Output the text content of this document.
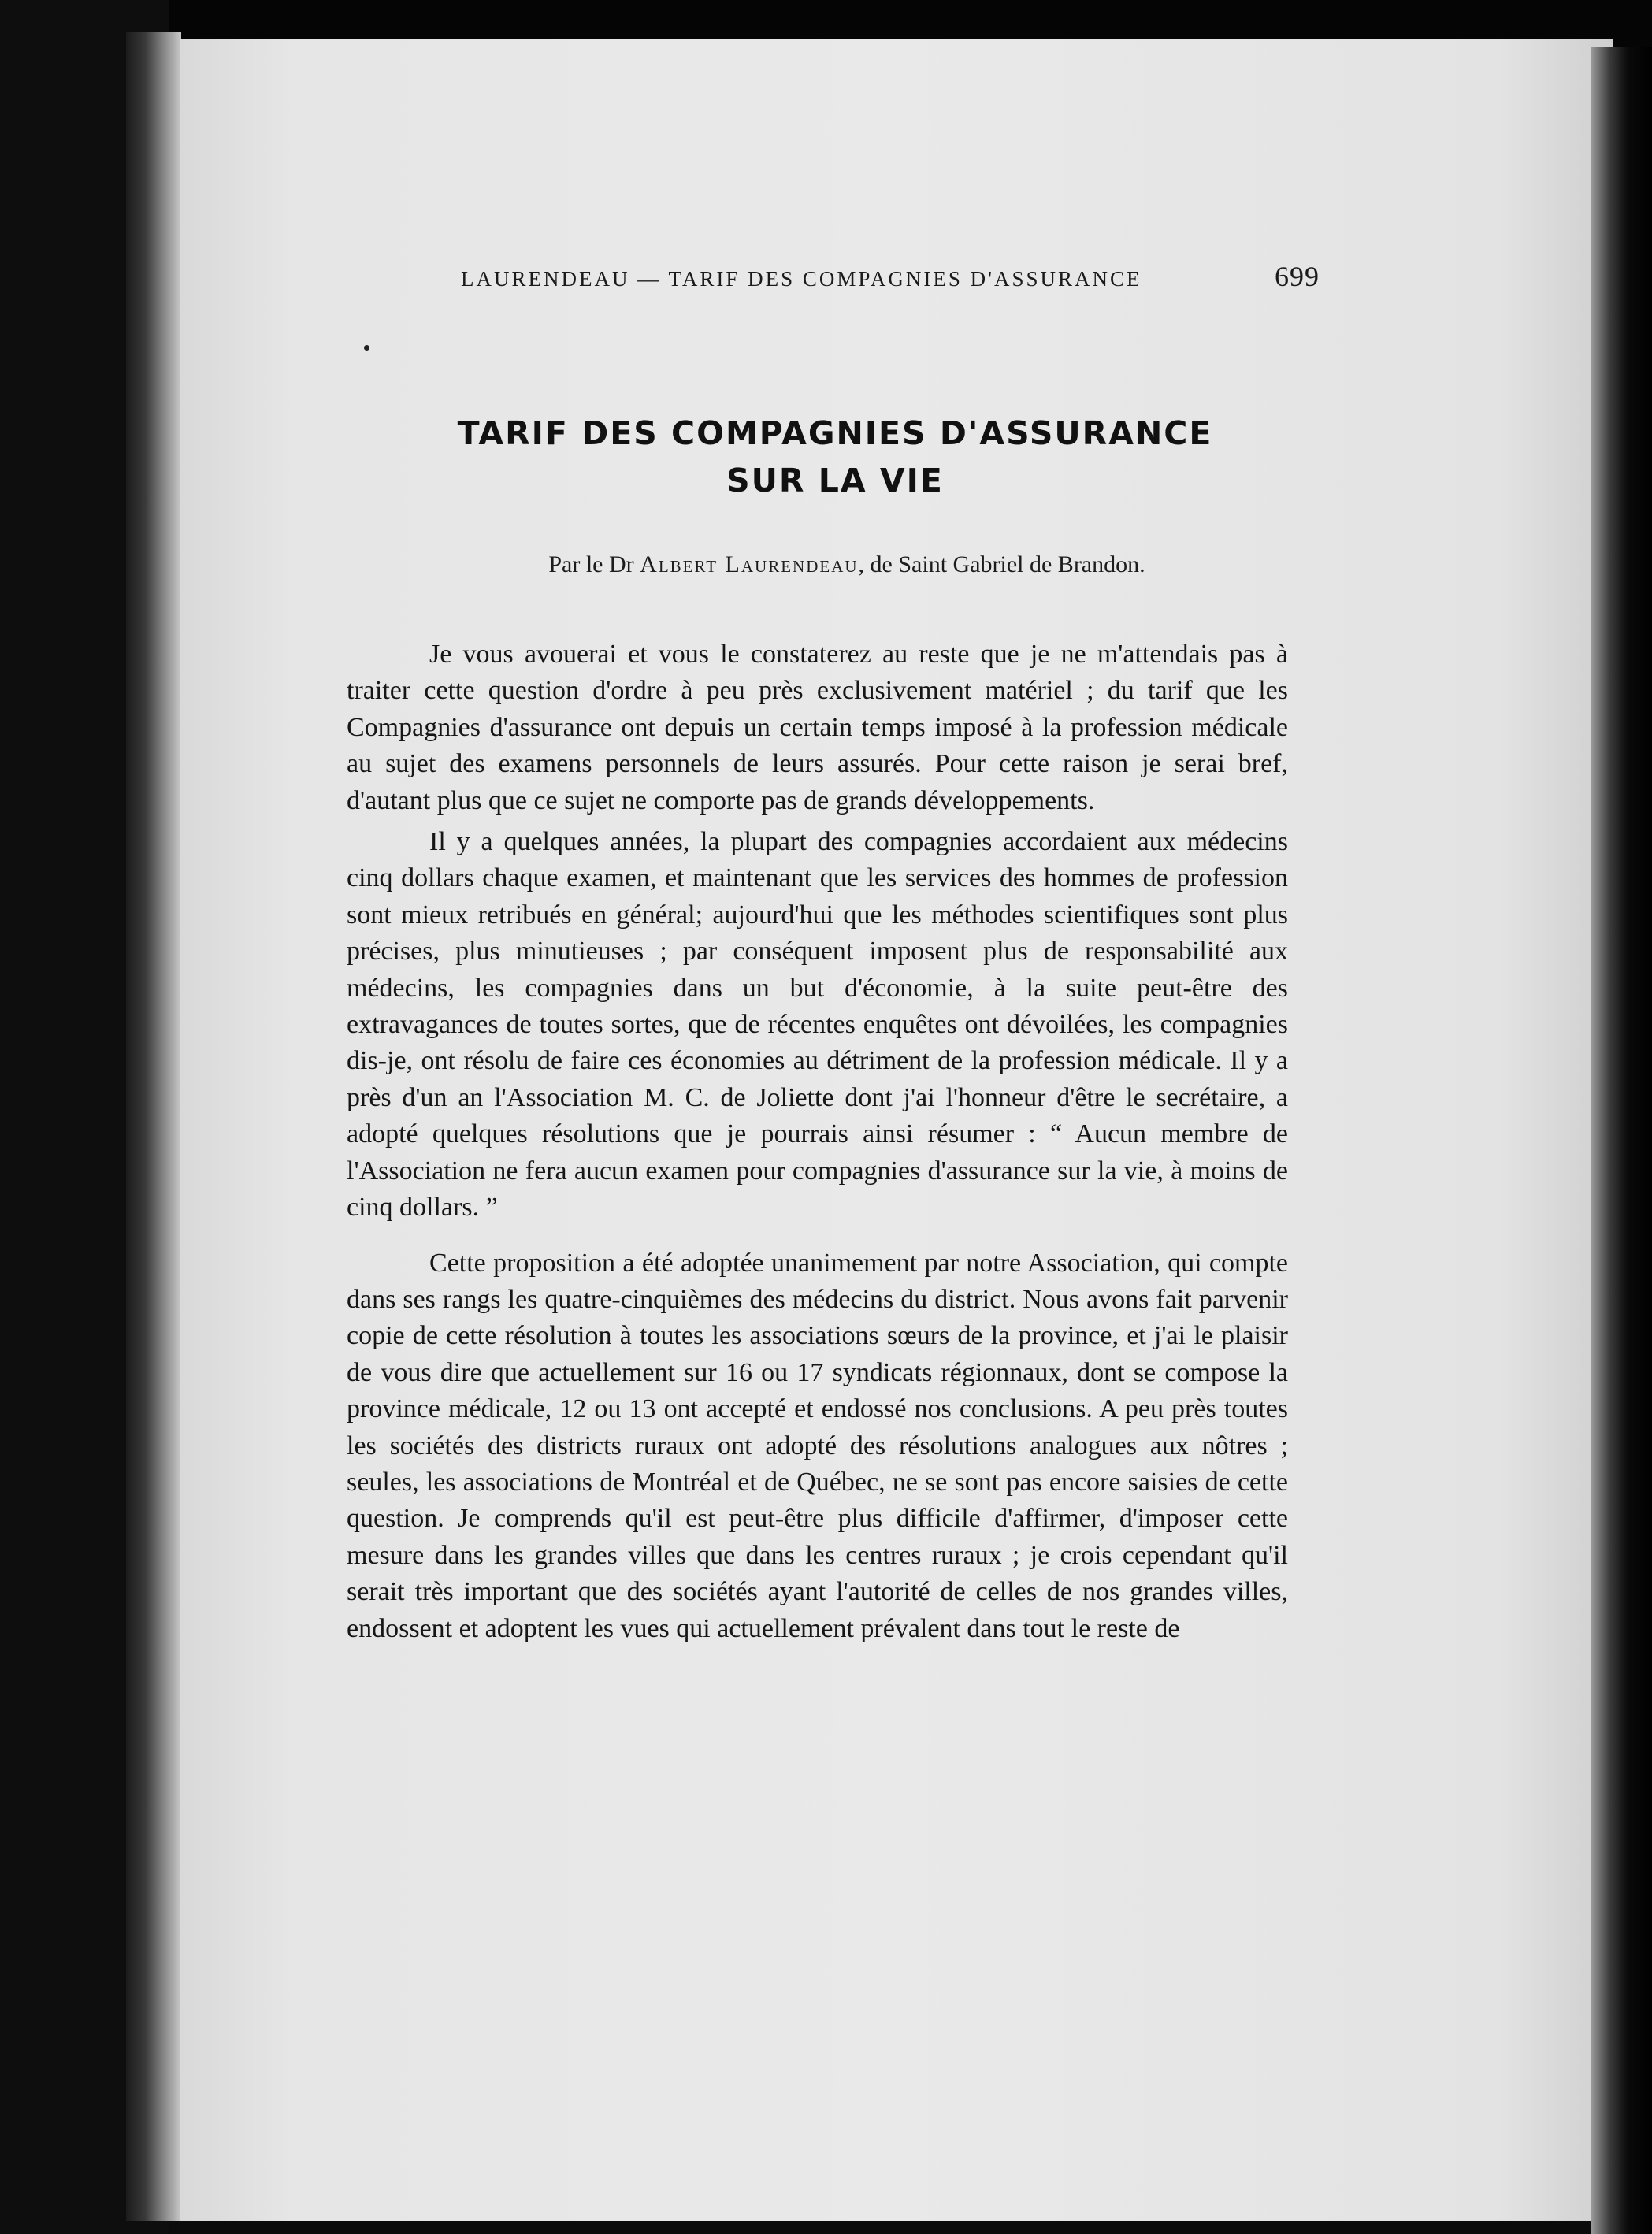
LAURENDEAU — TARIF DES COMPAGNIES D'ASSURANCE	699
TARIF DES COMPAGNIES D'ASSURANCE
SUR LA VIE
Par le Dr Albert Laurendeau, de Saint Gabriel de Brandon.

Je vous avouerai et vous le constaterez au reste que je ne m'attendais pas à traiter cette question d'ordre à peu près exclusivement matériel ; du tarif que les Compagnies d'assurance ont depuis un certain temps imposé à la profession médicale au sujet des examens personnels de leurs assurés. Pour cette raison je serai bref, d'autant plus que ce sujet ne comporte pas de grands développements.

Il y a quelques années, la plupart des compagnies accordaient aux médecins cinq dollars chaque examen, et maintenant que les services des hommes de profession sont mieux retribués en général; aujourd'hui que les méthodes scientifiques sont plus précises, plus minutieuses ; par conséquent imposent plus de responsabilité aux médecins, les compagnies dans un but d'économie, à la suite peut-être des extravagances de toutes sortes, que de récentes enquêtes ont dévoilées, les compagnies dis-je, ont résolu de faire ces économies au détriment de la profession médicale. Il y a près d'un an l'Association M. C. de Joliette dont j'ai l'honneur d'être le secrétaire, a adopté quelques résolutions que je pourrais ainsi résumer : “ Aucun membre de l'Association ne fera aucun examen pour compagnies d'assurance sur la vie, à moins de cinq dollars. ”

Cette proposition a été adoptée unanimement par notre Association, qui compte dans ses rangs les quatre-cinquièmes des médecins du district. Nous avons fait parvenir copie de cette résolution à toutes les associations sœurs de la province, et j'ai le plaisir de vous dire que actuellement sur 16 ou 17 syndicats régionnaux, dont se compose la province médicale, 12 ou 13 ont accepté et endossé nos conclusions. A peu près toutes les sociétés des districts ruraux ont adopté des résolutions analogues aux nôtres ; seules, les associations de Montréal et de Québec, ne se sont pas encore saisies de cette question. Je comprends qu'il est peut-être plus difficile d'affirmer, d'imposer cette mesure dans les grandes villes que dans les centres ruraux ; je crois cependant qu'il serait très important que des sociétés ayant l'autorité de celles de nos grandes villes, endossent et adoptent les vues qui actuellement prévalent dans tout le reste de
